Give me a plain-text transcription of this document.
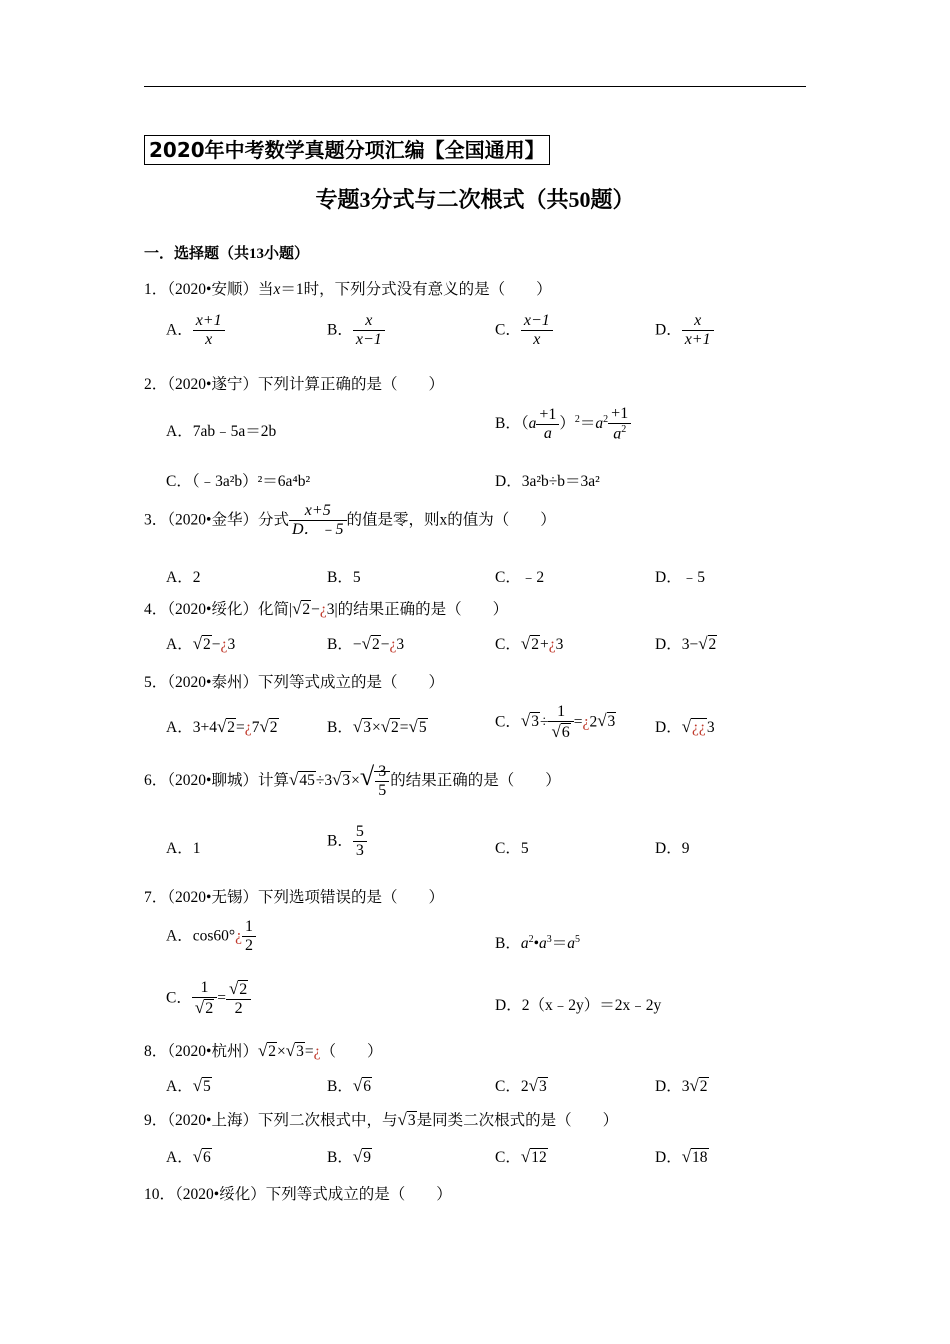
2020年中考数学真题分项汇编【全国通用】
专题3分式与二次根式（共50题）
一．选择题（共13小题）
1．（2020•安顺）当x＝1时，下列分式没有意义的是（　　）
A． $\frac{x+1}{x}$	B． $\frac{x}{x-1}$	C． $\frac{x-1}{x}$	D． $\frac{x}{x+1}$
2．（2020•遂宁）下列计算正确的是（　　）
A．7ab﹣5a＝2b	B．$(a \frac{+1}{a} )^2=a^2 \frac{+1}{a^2}$
C．（﹣3a²b）²＝6a⁴b²	D．3a²b÷b＝3a²
3．（2020•金华）分式 $\frac{x+5}{D.﹣5}$ 的值是零，则x的值为（　　）
A．2	B．5	C．﹣2	D．﹣5
4．（2020•绥化）化简|√2−¿3|的结果正确的是（　　）
A．√2−¿3	B．−√2−¿3	C．√2+¿3	D．3−√2
5．（2020•泰州）下列等式成立的是（　　）
A．3+4√2=¿7√2	B．√3×√2=√5	C．$√3\div \frac{1}{√6}$ =¿2√3	D．√¿¿3
6．（2020•聊城）计算$√45\div 3√3\times√ \frac{3}{5}$ 的结果正确的是（　　）
A．1	B． $\frac{5}{3}$	C．5	D．9
7．（2020•无锡）下列选项错误的是（　　）
A．cos60°¿ $\frac{1}{2}$	B．$a^2•a^3=a^5$
C． $\frac{1}{√2} = \frac{√2}{2}$	D．2（x﹣2y）＝2x﹣2y
8．（2020•杭州）√2×√3=¿（　　）
A．√5	B．√6	C．2√3	D．3√2
9．（2020•上海）下列二次根式中，与√3是同类二次根式的是（　　）
A．√6	B．√9	C．√12	D．√18
10．（2020•绥化）下列等式成立的是（　　）
